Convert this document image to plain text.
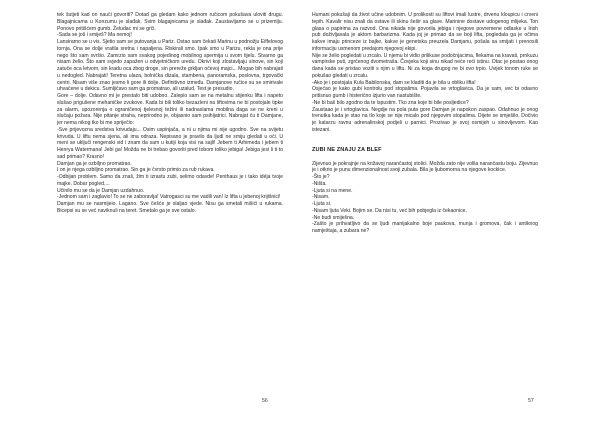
tek šutjeti kad on nauči govoriti? Dotad ga gledam kako jednom ručicom pokušava uloviti drugu. Blagajnicama u Konzumu je slađak. Svim blagajnicama je slađak. Zaustavljamo se u prizemlju. Ponovo pritišćem gumb. Želudac mi se grči.
-Sada se još i smiješ? Ma nemoj!
Lansiramo se u vis. Sjetio sam se putovanja u Pariz. Ostao sam čekati Marinu u podnožju Eiffelovog tornja. Ona se dolje vratila sretna i napaljena. Riskirali smo. Ipak smo u Parizu, rekla je ona prije nego što sam svršio. Zamrzio sam svakog pojedinog mobilnog spermija u svom tijelu. Stvarno ga nisam želio. Što sam svjedo zapažen u odvjetničkom uredu. Okrivi koji zlostavljaju sinove, sin koji zatuče oca letvom, sin kradu oca zbog droge, sin prereže grkljan očevoj majci... Mogao bih nabrajati u nedogled. Nabrajati! Teretna ulaza, bolnička dizala, stambena, panoramska, poslovna, trgovački centri. Nisam više znao jesmo li gore ili dolje. Definitivno između. Damjanove ručice su se smirivale uhvaćene u dekicu. Sumljičavo sam ga promatrao, ali uzalud. Test je presudio.
Gore – dolje. Odavno mi je prestalo biti udobno. Zalepio sam se na metalnu stijenku lifta i napeto slušao prigušene mehaničke zvukove. Kada bi bili toliko bezazleni na liftovima ne bi postojale tipke za alarm, upozorenja o ograničenoj tjelesnoj težini ili nadnaslama mobilna daga se ne kreni u slučaju požara. Nije pitanje straha, neprirodno je, objasnio sam psihijatrici. Nabrajat ću ti Damjane, jer nema nikog tko bi me spriječio:
-Sve prijevozna sredstva krivudaju... Osim uspinjača, a ni u njima mi nije ugodno. Sve na svijetu krivuda. U liftu nema sjena, ali ima odraza. Nepisano je pravilo da ljudi ne smiju gledati u oči. U meni se uključi rengenski vid i znam da sam u kutiji koja visi na sajli! Jebem ti Arhimeda i jebem ti Henrya Watermana! Jebi ga! Možda ne bi trebao govoriti pred tobom toliko jebiga! Jebiga jesi li ti to sad primao? Krasno!
Damjan ga je ozbiljno promatrao.
I on je njega ozbiljno promatrao. Sin ga je čvrsto primio za rub rukava.
-Odbijan problem. Samo da znaš, žim ti izrastu zubi, selimo odavde! Penthaus je i tako idéja tvoje majke. Dobar pogled....
Učinilo mu se da je Damjan uzdahnuo.
-Jednom sam i zaglavio! To se ne zaboravlja! Vatrogasci su me vadili van! Iz lifta u jebenoj krijišnici!
Damjan mu se nasmijeio. Lagano. Sve češće je slaljao vjede. Nisu ga smetali mišići u rukama. Bicepsi su se već naviknuli na teret. Smetalo ga je sve ostalo.

56

Humani pokušaji da život učine udobnim. U prolikosti su liftovi imali lustre, drvenu kloupicu i crveni tepih. Kavalir nisu znali da ostave ili skinu šešir sa glave. Marinine dostave udogenog mlijeka. Ton glasa o papirima za razvod. Ona nikada nije govorila jebiga i njegove povremene odlaske u Irish pub doživljavala je aktom barbarizma. Kada joj je primao da se boji lifta, pogledala ga je očima kakve imaju princeze iz bajke, kakve je genetska preuzela Damjanu, pošala sa smijati i prenosili informaciju usmenom predajom njegovoj ekipi.
Nije se želio pogledati u zrcalo. U njemu bi vidio prilikuse podočnjacima, flekama na kravati, prnkuzu vampirske puti, zgrčenog dvometraša. Čovjeka koji sinu nikad neće reći istinu. Otac je postao onog dana kada se pristao voziti s njim u liftu. Ni za koga drugog ne bi ovo trpio. Uvijek tonom ruke se pokušao gledati u zrcalu.
-Ako je i postojala Kula Babilonska, dam se kladiti da je bila u obliku lifta!
Osjećao je kako gubi kontrolu pod stopalima. Pojavila se vrtoglavica. Da je sam, već bi odavno pritisnuo gumb i histerično izjurio van nastubište.
-Ne bi baš bilo zgodno da te ispustim. Tko zna koje bi bile posljedice?
Zaustaao je i vrtoglavica. Negdje na pola puta gore Damjan je napokon zaspao. Odahnuo je onog trenutka kada je stao na tlo koje se nije micalo pod njegovim stopalima. Dijete se smješilo. Dočivio je katarzu ravnu adrenalinskoj podjeli u parnici. Prozivao je svoj osmijeh u sinovljevom. Kao istezani.

ZUBI NE ZNAJU ZA BLEF

Zijevnuo je pokrajnje na križavoj narančastoj stolici. Možda zato nije volila narančastu boju. Zijevnuo je i otkrio je punu dimenzionalnost svoji zubala. Bila je ljubomorna na njegove kockice.
-Što je?
-Ništa.
-Ljuta si na mene.
-Nisam.
-Ljuta si.
-Nisam ljuta Veki. Bojim se. Da nisi tu, već bih pobjegla iz čekaonice.
-Ne budi smiješna.
-Zašto je prihvatljivo da se ljudi manijakalno boje paukova, munja i gromova, čak i antiknog namještaja, a zubara ne?

57
